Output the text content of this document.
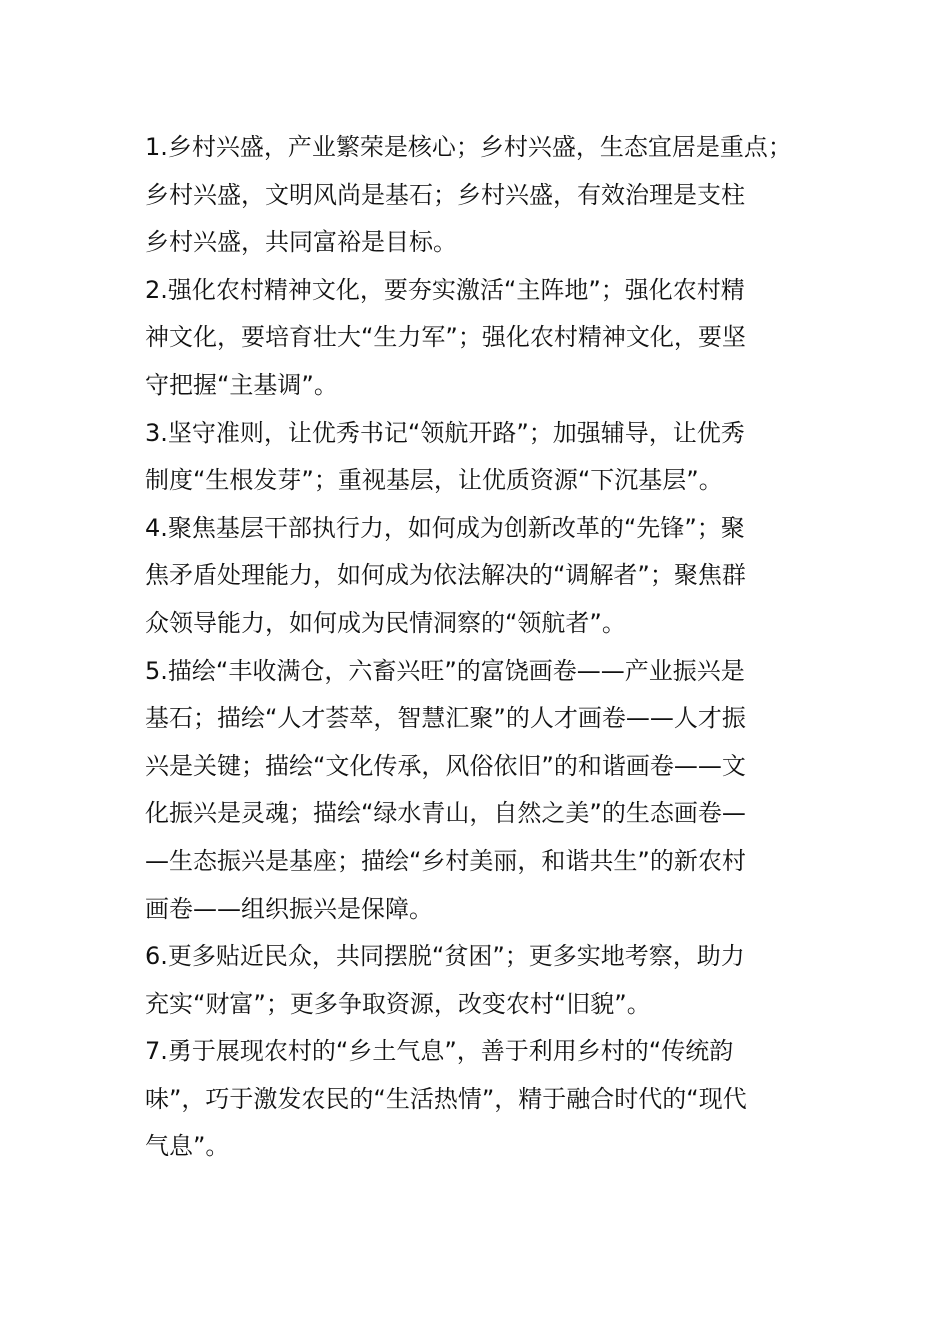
1.乡村兴盛，产业繁荣是核心；乡村兴盛，生态宜居是重点；
乡村兴盛，文明风尚是基石；乡村兴盛，有效治理是支柱
乡村兴盛，共同富裕是目标。
2.强化农村精神文化，要夯实激活“主阵地”；强化农村精
神文化，要培育壮大“生力军”；强化农村精神文化，要坚
守把握“主基调”。
3.坚守准则，让优秀书记“领航开路”；加强辅导，让优秀
制度“生根发芽”；重视基层，让优质资源“下沉基层”。
4.聚焦基层干部执行力，如何成为创新改革的“先锋”；聚
焦矛盾处理能力，如何成为依法解决的“调解者”；聚焦群
众领导能力，如何成为民情洞察的“领航者”。
5.描绘“丰收满仓，六畜兴旺”的富饶画卷——产业振兴是
基石；描绘“人才荟萃，智慧汇聚”的人才画卷——人才振
兴是关键；描绘“文化传承，风俗依旧”的和谐画卷——文
化振兴是灵魂；描绘“绿水青山，自然之美”的生态画卷—
—生态振兴是基座；描绘“乡村美丽，和谐共生”的新农村
画卷——组织振兴是保障。
6.更多贴近民众，共同摆脱“贫困”；更多实地考察，助力
充实“财富”；更多争取资源，改变农村“旧貌”。
7.勇于展现农村的“乡土气息”，善于利用乡村的“传统韵
味”，巧于激发农民的“生活热情”，精于融合时代的“现代
气息”。
